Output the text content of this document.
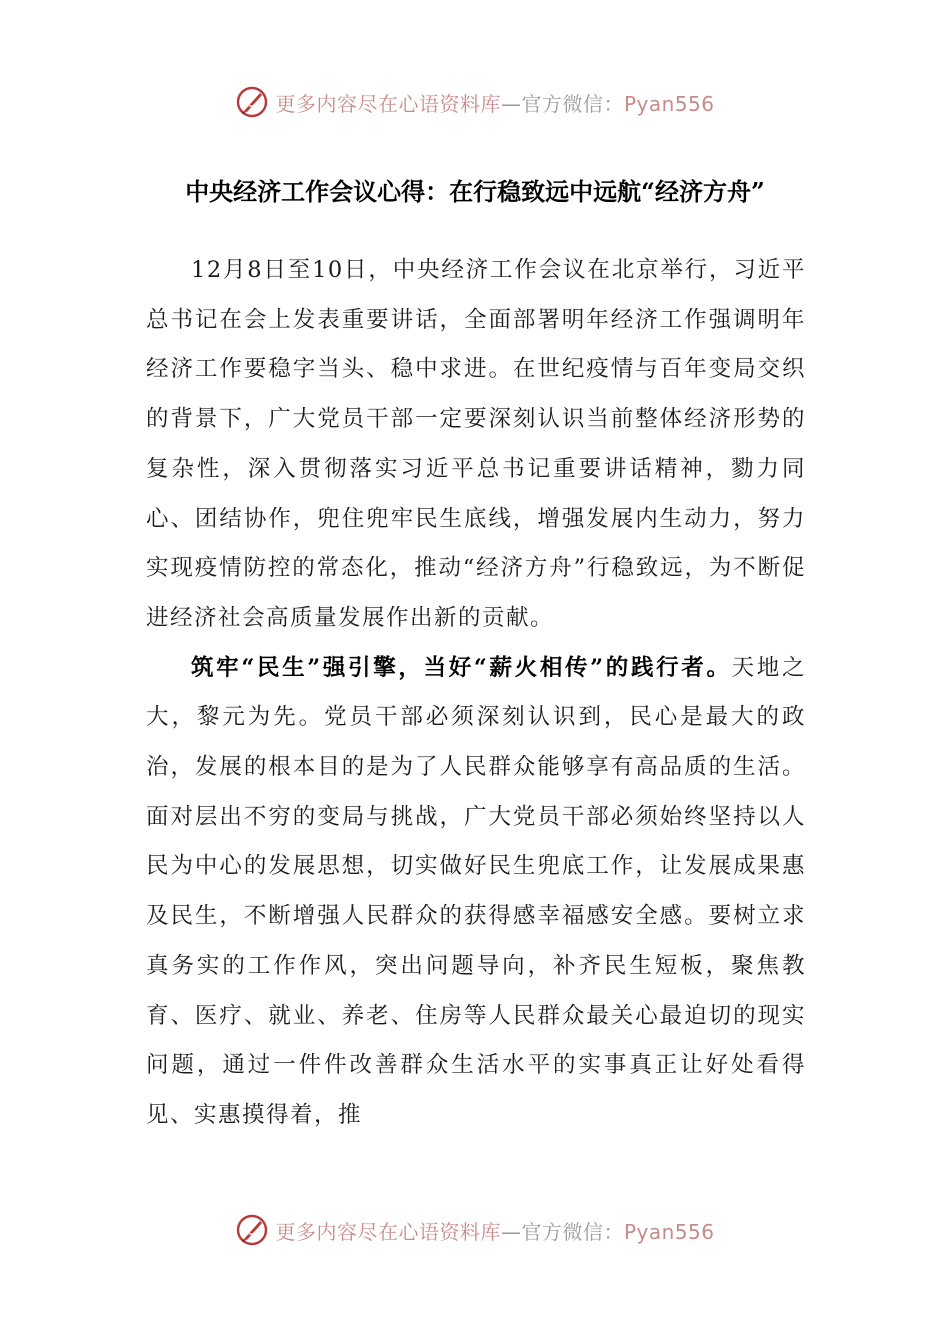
更多内容尽在心语资料库—官方微信：Pyan556
中央经济工作会议心得：在行稳致远中远航“经济方舟”

12月8日至10日，中央经济工作会议在北京举行，习近平总书记在会上发表重要讲话，全面部署明年经济工作强调明年经济工作要稳字当头、稳中求进。在世纪疫情与百年变局交织的背景下，广大党员干部一定要深刻认识当前整体经济形势的复杂性，深入贯彻落实习近平总书记重要讲话精神，勠力同心、团结协作，兜住兜牢民生底线，增强发展内生动力，努力实现疫情防控的常态化，推动“经济方舟”行稳致远，为不断促进经济社会高质量发展作出新的贡献。

筑牢“民生”强引擎，当好“薪火相传”的践行者。天地之大，黎元为先。党员干部必须深刻认识到，民心是最大的政治，发展的根本目的是为了人民群众能够享有高品质的生活。面对层出不穷的变局与挑战，广大党员干部必须始终坚持以人民为中心的发展思想，切实做好民生兜底工作，让发展成果惠及民生，不断增强人民群众的获得感幸福感安全感。要树立求真务实的工作作风，突出问题导向，补齐民生短板，聚焦教育、医疗、就业、养老、住房等人民群众最关心最迫切的现实问题，通过一件件改善群众生活水平的实事真正让好处看得见、实惠摸得着，推

更多内容尽在心语资料库—官方微信：Pyan556
